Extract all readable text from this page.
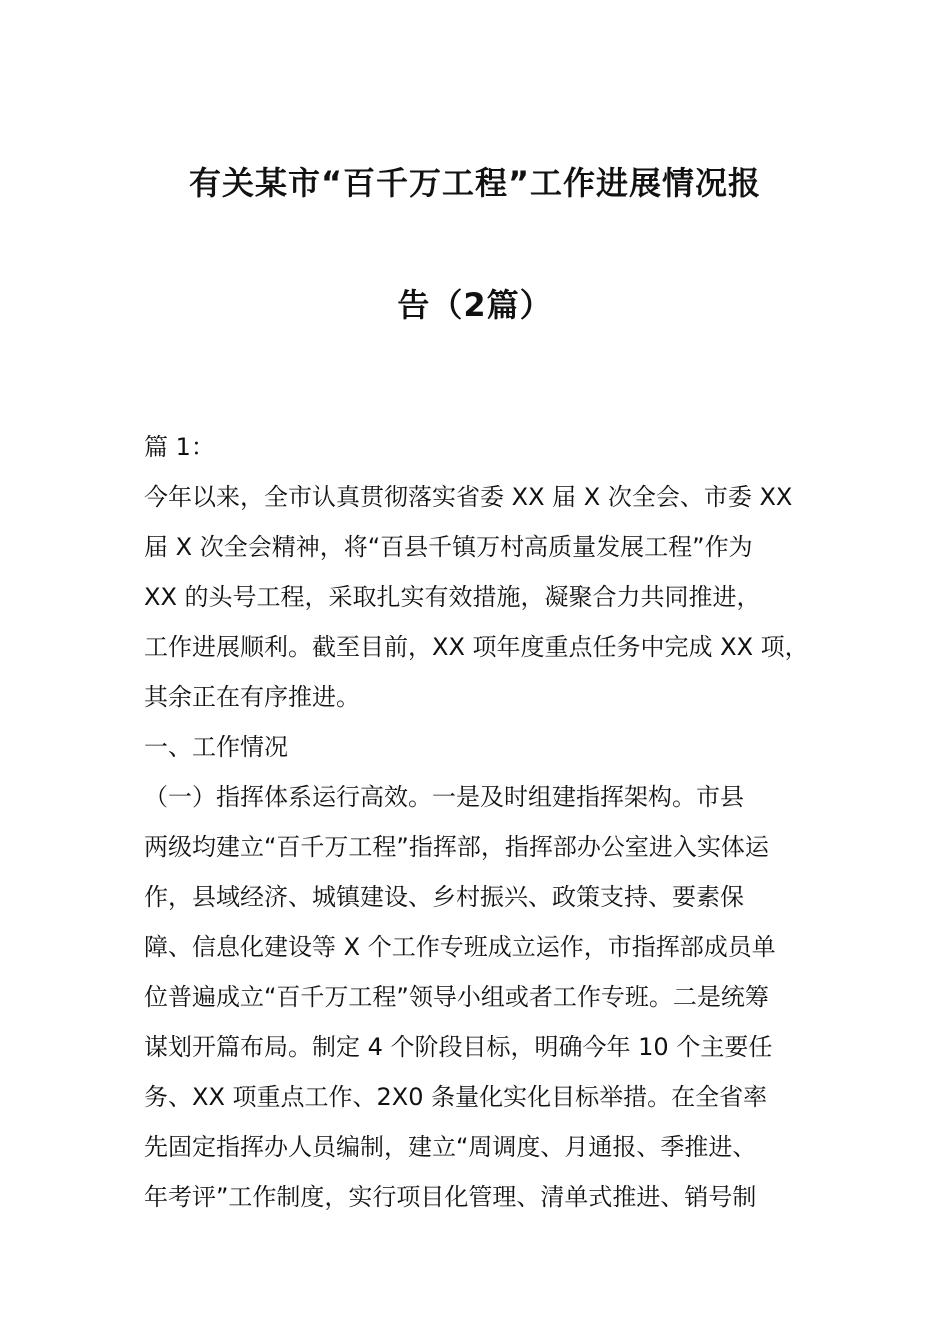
有关某市“百千万工程”工作进展情况报
告（2篇）
篇 1：
今年以来，全市认真贯彻落实省委 XX 届 X 次全会、市委 XX
届 X 次全会精神，将“百县千镇万村高质量发展工程”作为
XX 的头号工程，采取扎实有效措施，凝聚合力共同推进，
工作进展顺利。截至目前，XX 项年度重点任务中完成 XX 项，
其余正在有序推进。
一、工作情况
（一）指挥体系运行高效。一是及时组建指挥架构。市县
两级均建立“百千万工程”指挥部，指挥部办公室进入实体运
作，县域经济、城镇建设、乡村振兴、政策支持、要素保
障、信息化建设等 X 个工作专班成立运作，市指挥部成员单
位普遍成立“百千万工程”领导小组或者工作专班。二是统筹
谋划开篇布局。制定 4 个阶段目标，明确今年 10 个主要任
务、XX 项重点工作、2X0 条量化实化目标举措。在全省率
先固定指挥办人员编制，建立“周调度、月通报、季推进、
年考评”工作制度，实行项目化管理、清单式推进、销号制
